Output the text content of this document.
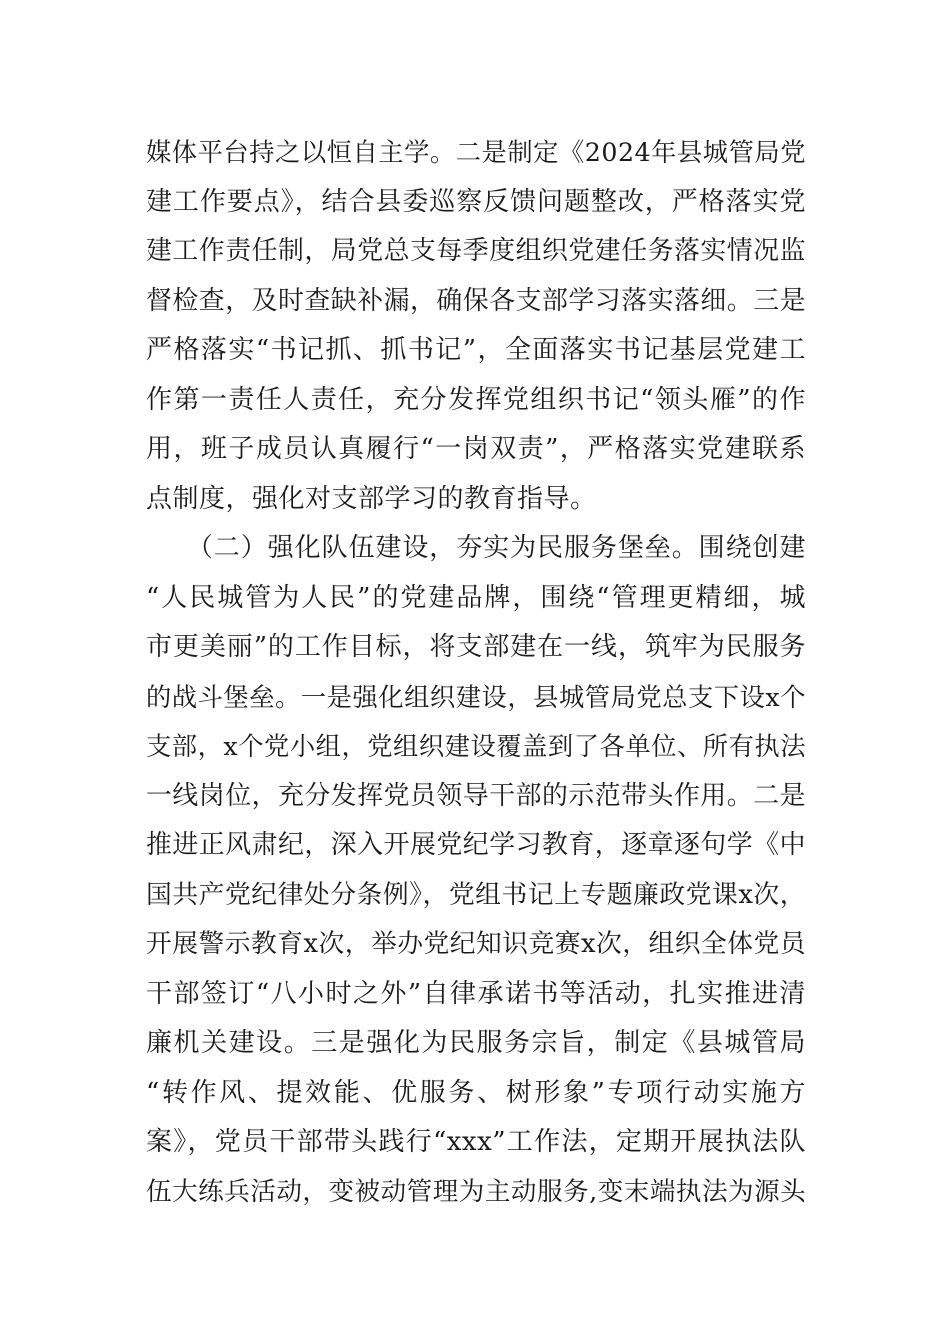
媒体平台持之以恒自主学。二是制定《2024年县城管局党
建工作要点》，结合县委巡察反馈问题整改，严格落实党
建工作责任制，局党总支每季度组织党建任务落实情况监
督检查，及时查缺补漏，确保各支部学习落实落细。三是
严格落实“书记抓、抓书记”，全面落实书记基层党建工
作第一责任人责任，充分发挥党组织书记“领头雁”的作
用，班子成员认真履行“一岗双责”，严格落实党建联系
点制度，强化对支部学习的教育指导。
　　（二）强化队伍建设，夯实为民服务堡垒。围绕创建
“人民城管为人民”的党建品牌，围绕“管理更精细，城
市更美丽”的工作目标，将支部建在一线，筑牢为民服务
的战斗堡垒。一是强化组织建设，县城管局党总支下设x个
支部，x个党小组，党组织建设覆盖到了各单位、所有执法
一线岗位，充分发挥党员领导干部的示范带头作用。二是
推进正风肃纪，深入开展党纪学习教育，逐章逐句学《中
国共产党纪律处分条例》，党组书记上专题廉政党课x次，
开展警示教育x次，举办党纪知识竞赛x次，组织全体党员
干部签订“八小时之外”自律承诺书等活动，扎实推进清
廉机关建设。三是强化为民服务宗旨，制定《县城管局
“转作风、提效能、优服务、树形象”专项行动实施方
案》，党员干部带头践行“xxx”工作法，定期开展执法队
伍大练兵活动，变被动管理为主动服务,变末端执法为源头
